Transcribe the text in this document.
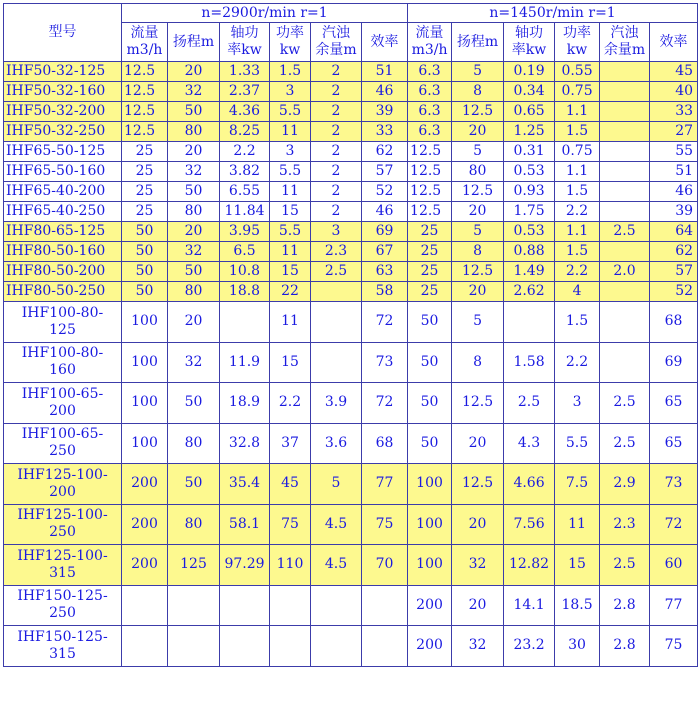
型号	n=2900r/min r=1						n=1450r/min r=1					
	流量
m3/h	扬程m	轴功
率kw	功率
kw	汽浊
余量m	效率	流量
m3/h	扬程m	轴功
率kw	功率
kw	汽浊
余量m	效率
IHF50-32-125	12.5	20	1.33	1.5	2	51	6.3	5	0.19	0.55		45
IHF50-32-160	12.5	32	2.37	3	2	46	6.3	8	0.34	0.75		40
IHF50-32-200	12.5	50	4.36	5.5	2	39	6.3	12.5	0.65	1.1		33
IHF50-32-250	12.5	80	8.25	11	2	33	6.3	20	1.25	1.5		27
IHF65-50-125	25	20	2.2	3	2	62	12.5	5	0.31	0.75		55
IHF65-50-160	25	32	3.82	5.5	2	57	12.5	80	0.53	1.1		51
IHF65-40-200	25	50	6.55	11	2	52	12.5	12.5	0.93	1.5		46
IHF65-40-250	25	80	11.84	15	2	46	12.5	20	1.75	2.2		39
IHF80-65-125	50	20	3.95	5.5	3	69	25	5	0.53	1.1	2.5	64
IHF80-50-160	50	32	6.5	11	2.3	67	25	8	0.88	1.5		62
IHF80-50-200	50	50	10.8	15	2.5	63	25	12.5	1.49	2.2	2.0	57
IHF80-50-250	50	80	18.8	22		58	25	20	2.62	4		52
IHF100-80-
125	100	20		11		72	50	5		1.5		68
IHF100-80-
160	100	32	11.9	15		73	50	8	1.58	2.2		69
IHF100-65-
200	100	50	18.9	2.2	3.9	72	50	12.5	2.5	3	2.5	65
IHF100-65-
250	100	80	32.8	37	3.6	68	50	20	4.3	5.5	2.5	65
IHF125-100-
200	200	50	35.4	45	5	77	100	12.5	4.66	7.5	2.9	73
IHF125-100-
250	200	80	58.1	75	4.5	75	100	20	7.56	11	2.3	72
IHF125-100-
315	200	125	97.29	110	4.5	70	100	32	12.82	15	2.5	60
IHF150-125-
250							200	20	14.1	18.5	2.8	77
IHF150-125-
315							200	32	23.2	30	2.8	75
